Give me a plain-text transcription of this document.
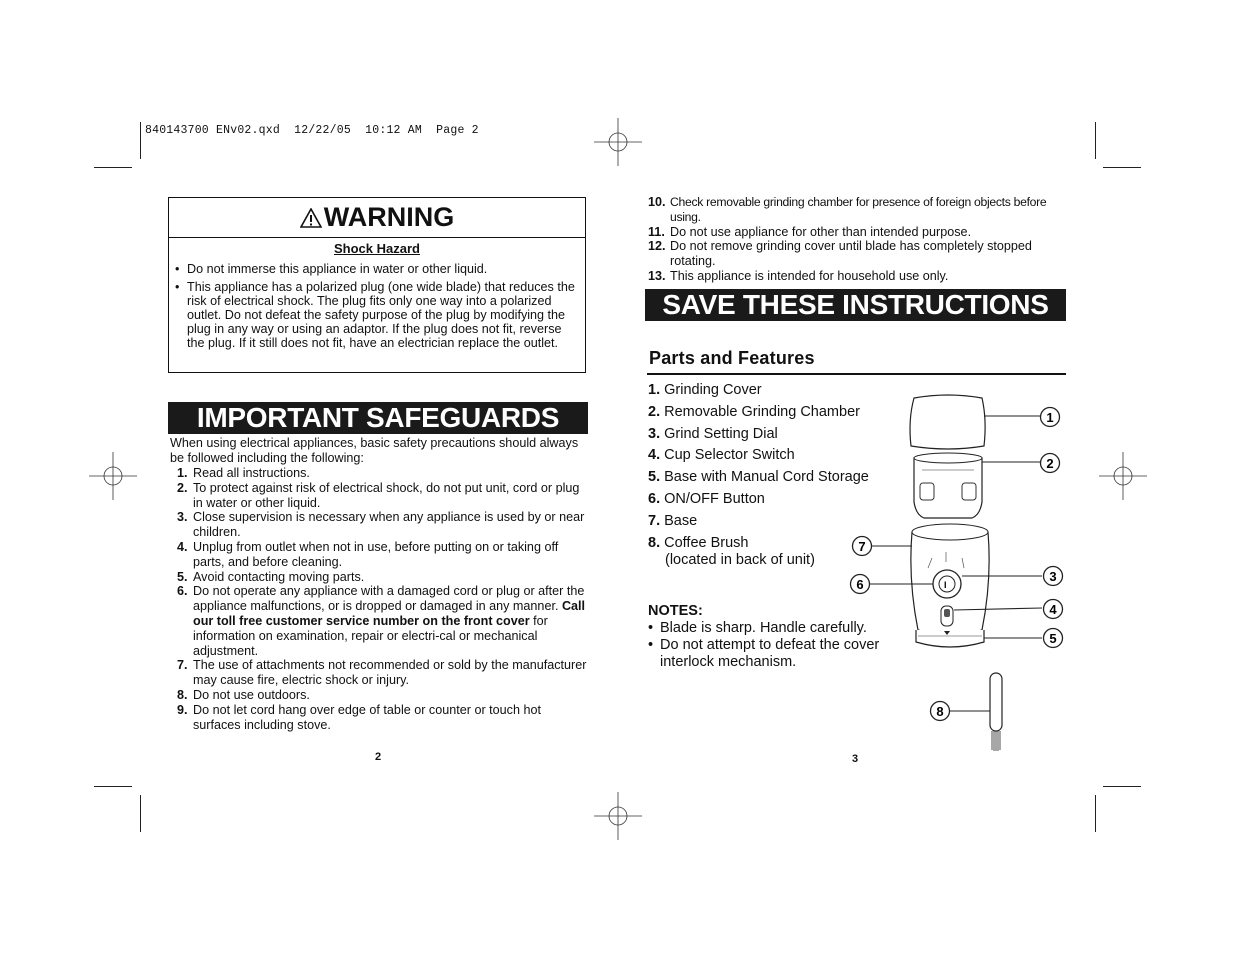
840143700 ENv02.qxd  12/22/05  10:12 AM  Page 2
WARNING
Shock Hazard
• Do not immerse this appliance in water or other liquid.
• This appliance has a polarized plug (one wide blade) that reduces the risk of electrical shock. The plug fits only one way into a polarized outlet. Do not defeat the safety purpose of the plug by modifying the plug in any way or using an adaptor. If the plug does not fit, reverse the plug. If it still does not fit, have an electrician replace the outlet.
IMPORTANT SAFEGUARDS
When using electrical appliances, basic safety precautions should always be followed including the following:
1. Read all instructions.
2. To protect against risk of electrical shock, do not put unit, cord or plug in water or other liquid.
3. Close supervision is necessary when any appliance is used by or near children.
4. Unplug from outlet when not in use, before putting on or taking off parts, and before cleaning.
5. Avoid contacting moving parts.
6. Do not operate any appliance with a damaged cord or plug or after the appliance malfunctions, or is dropped or damaged in any manner. Call our toll free customer service number on the front cover for information on examination, repair or electri-cal or mechanical adjustment.
7. The use of attachments not recommended or sold by the manufacturer may cause fire, electric shock or injury.
8. Do not use outdoors.
9. Do not let cord hang over edge of table or counter or touch hot surfaces including stove.
2
10. Check removable grinding chamber for presence of foreign objects before using.
11. Do not use appliance for other than intended purpose.
12. Do not remove grinding cover until blade has completely stopped rotating.
13. This appliance is intended for household use only.
SAVE THESE INSTRUCTIONS
Parts and Features
1. Grinding Cover
2. Removable Grinding Chamber
3. Grind Setting Dial
4. Cup Selector Switch
5. Base with Manual Cord Storage
6. ON/OFF Button
7. Base
8. Coffee Brush
(located in back of unit)
NOTES:
• Blade is sharp. Handle carefully.
• Do not attempt to defeat the cover interlock mechanism.
I
1
2
3
4
5
6
7
8
3
